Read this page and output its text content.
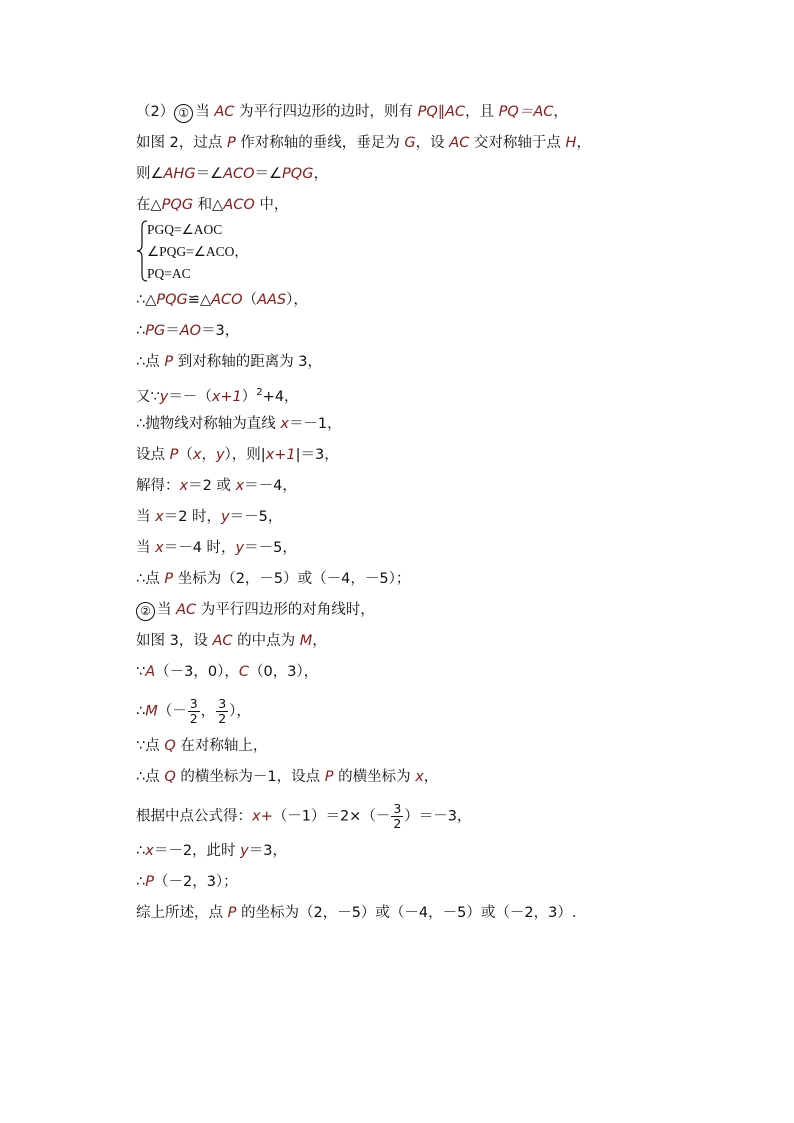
（2） ① 当 AC 为平行四边形的边时，则有 PQ∥AC，且 PQ＝AC，
如图 2，过点 P 作对称轴的垂线，垂足为 G，设 AC 交对称轴于点 H，
则∠AHG＝∠ACO＝∠PQG，
在△PQG 和△ACO 中，
PGQ=∠AOC
∠PQG=∠ACO，
PQ=AC
∴△PQG≌△ACO（AAS），
∴PG＝AO＝3，
∴点 P 到对称轴的距离为 3，
又$\because y=-(x+1)^2+4$，
∴抛物线对称轴为直线 x＝－1，
设点 P（x，y），则|x+1|＝3，
解得：x＝2 或 x＝－4，
当 x＝2 时，y＝－5，
当 x＝－4 时，y＝－5，
∴点 P 坐标为（2，－5）或（－4，－5）；
② 当 AC 为平行四边形的对角线时，
如图 3，设 AC 的中点为 M，
∵A（－3，0），C（0，3），
∴M（－ $\frac{3}{2}$ ， $\frac{3}{2}$ ），
∵点 Q 在对称轴上，
∴点 Q 的横坐标为－1，设点 P 的横坐标为 x，
根据中点公式得：$x+(-1)=2\times(- \frac{3}{2} )=-3$，
∴x＝－2，此时 y＝3，
∴P（－2，3）；
综上所述，点 P 的坐标为（2，－5）或（－4，－5）或（－2，3）.
